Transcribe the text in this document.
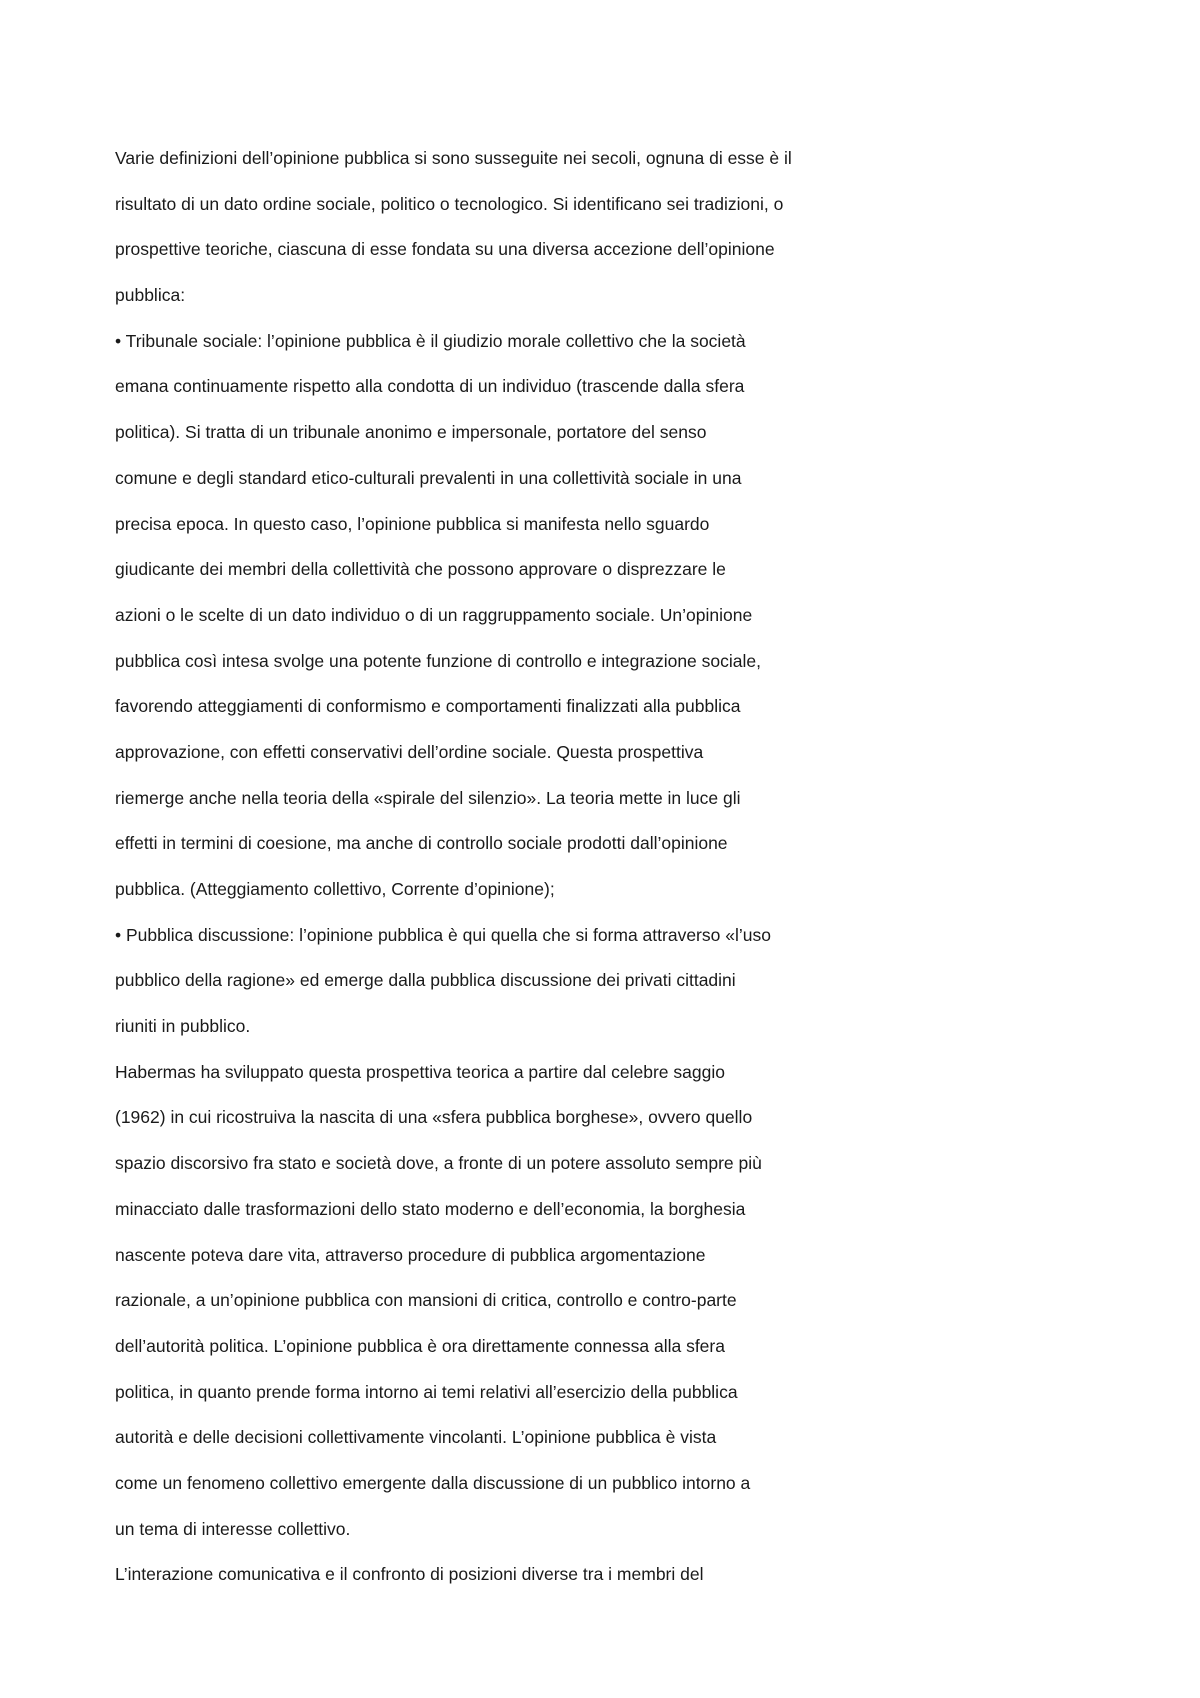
Varie definizioni dell’opinione pubblica si sono susseguite nei secoli, ognuna di esse è il
risultato di un dato ordine sociale, politico o tecnologico. Si identificano sei tradizioni, o
prospettive teoriche, ciascuna di esse fondata su una diversa accezione dell’opinione
pubblica:
• Tribunale sociale: l’opinione pubblica è il giudizio morale collettivo che la società
emana continuamente rispetto alla condotta di un individuo (trascende dalla sfera
politica). Si tratta di un tribunale anonimo e impersonale, portatore del senso
comune e degli standard etico-culturali prevalenti in una collettività sociale in una
precisa epoca. In questo caso, l’opinione pubblica si manifesta nello sguardo
giudicante dei membri della collettività che possono approvare o disprezzare le
azioni o le scelte di un dato individuo o di un raggruppamento sociale. Un’opinione
pubblica così intesa svolge una potente funzione di controllo e integrazione sociale,
favorendo atteggiamenti di conformismo e comportamenti finalizzati alla pubblica
approvazione, con effetti conservativi dell’ordine sociale. Questa prospettiva
riemerge anche nella teoria della «spirale del silenzio». La teoria mette in luce gli
effetti in termini di coesione, ma anche di controllo sociale prodotti dall’opinione
pubblica. (Atteggiamento collettivo, Corrente d’opinione);
• Pubblica discussione: l’opinione pubblica è qui quella che si forma attraverso «l’uso
pubblico della ragione» ed emerge dalla pubblica discussione dei privati cittadini
riuniti in pubblico.
Habermas ha sviluppato questa prospettiva teorica a partire dal celebre saggio
(1962) in cui ricostruiva la nascita di una «sfera pubblica borghese», ovvero quello
spazio discorsivo fra stato e società dove, a fronte di un potere assoluto sempre più
minacciato dalle trasformazioni dello stato moderno e dell’economia, la borghesia
nascente poteva dare vita, attraverso procedure di pubblica argomentazione
razionale, a un’opinione pubblica con mansioni di critica, controllo e contro-parte
dell’autorità politica. L’opinione pubblica è ora direttamente connessa alla sfera
politica, in quanto prende forma intorno ai temi relativi all’esercizio della pubblica
autorità e delle decisioni collettivamente vincolanti. L’opinione pubblica è vista
come un fenomeno collettivo emergente dalla discussione di un pubblico intorno a
un tema di interesse collettivo.
L’interazione comunicativa e il confronto di posizioni diverse tra i membri del
